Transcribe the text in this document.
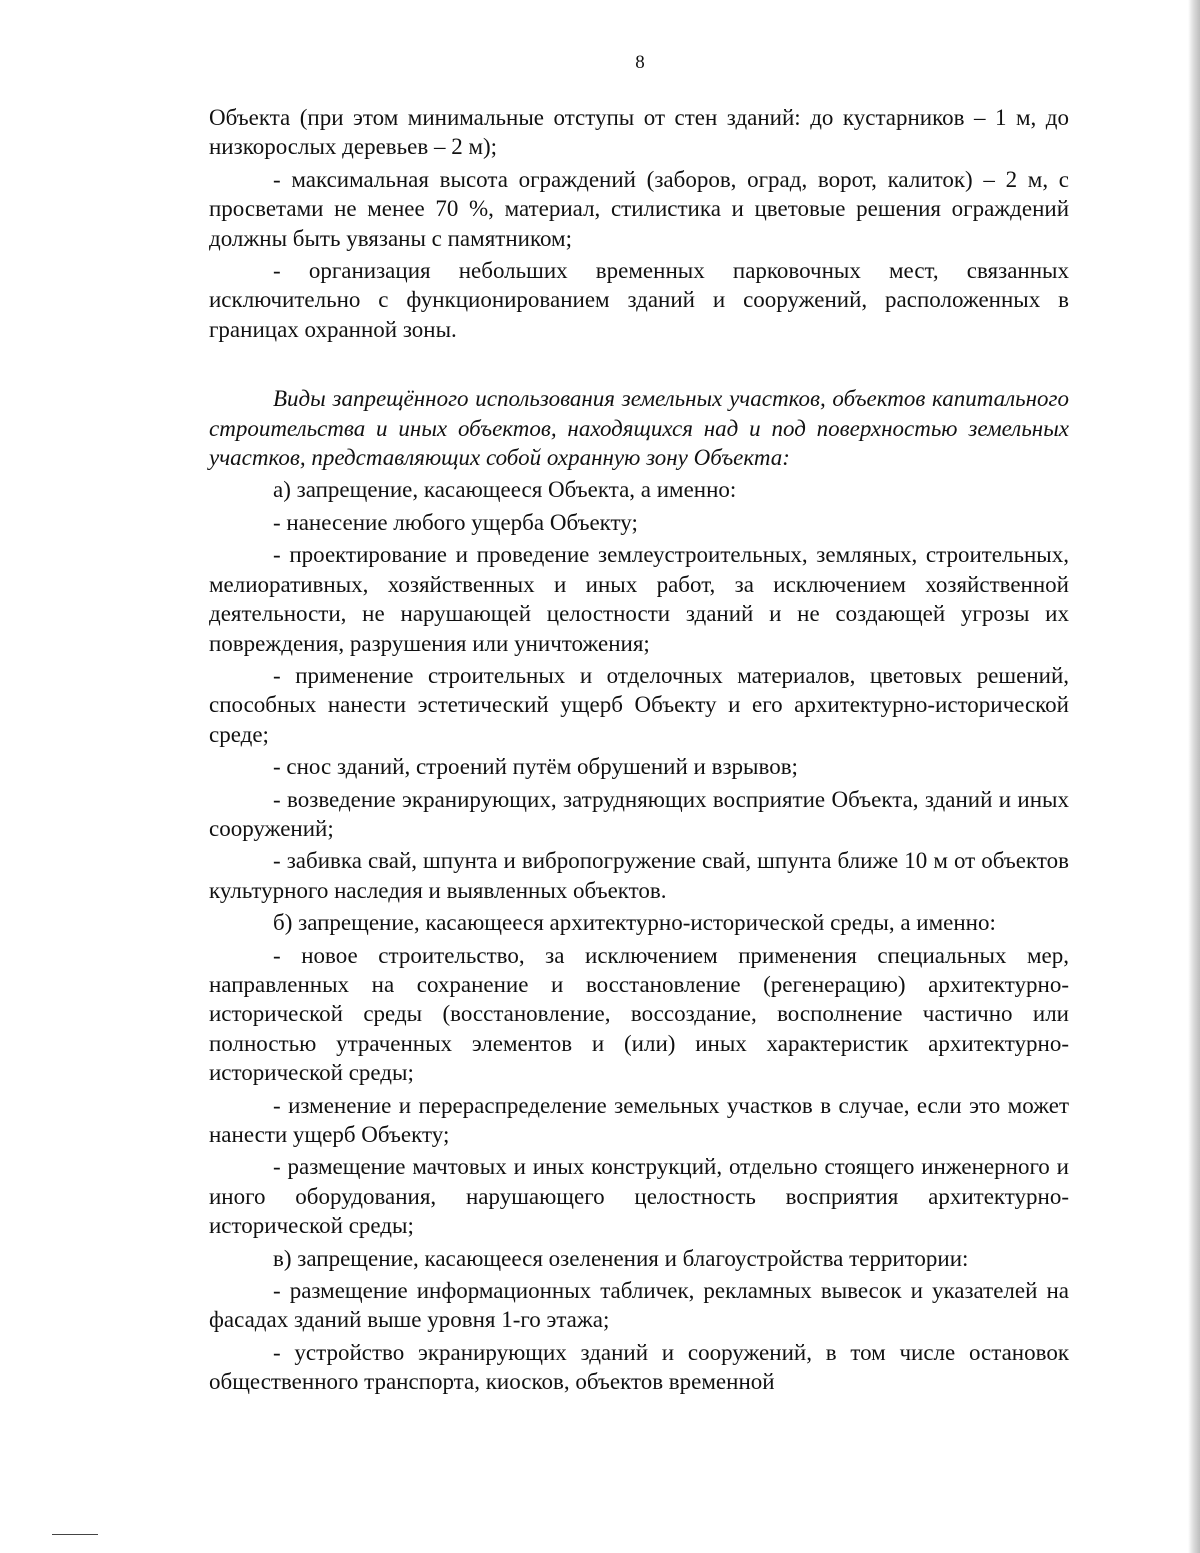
8

Объекта (при этом минимальные отступы от стен зданий: до кустарников – 1 м, до низкорослых деревьев – 2 м);

- максимальная высота ограждений (заборов, оград, ворот, калиток) – 2 м, с просветами не менее 70 %, материал, стилистика и цветовые решения ограждений должны быть увязаны с памятником;

- организация небольших временных парковочных мест, связанных исключительно с функционированием зданий и сооружений, расположенных в границах охранной зоны.

Виды запрещённого использования земельных участков, объектов капитального строительства и иных объектов, находящихся над и под поверхностью земельных участков, представляющих собой охранную зону Объекта:

а) запрещение, касающееся Объекта, а именно:

- нанесение любого ущерба Объекту;

- проектирование и проведение землеустроительных, земляных, строительных, мелиоративных, хозяйственных и иных работ, за исключением хозяйственной деятельности, не нарушающей целостности зданий и не создающей угрозы их повреждения, разрушения или уничтожения;

- применение строительных и отделочных материалов, цветовых решений, способных нанести эстетический ущерб Объекту и его архитектурно-исторической среде;

- снос зданий, строений путём обрушений и взрывов;

- возведение экранирующих, затрудняющих восприятие Объекта, зданий и иных сооружений;

- забивка свай, шпунта и вибропогружение свай, шпунта ближе 10 м от объектов культурного наследия и выявленных объектов.

б) запрещение, касающееся архитектурно-исторической среды, а именно:

- новое строительство, за исключением применения специальных мер, направленных на сохранение и восстановление (регенерацию) архитектурно-исторической среды (восстановление, воссоздание, восполнение частично или полностью утраченных элементов и (или) иных характеристик архитектурно-исторической среды;

- изменение и перераспределение земельных участков в случае, если это может нанести ущерб Объекту;

- размещение мачтовых и иных конструкций, отдельно стоящего инженерного и иного оборудования, нарушающего целостность восприятия архитектурно-исторической среды;

в) запрещение, касающееся озеленения и благоустройства территории:

- размещение информационных табличек, рекламных вывесок и указателей на фасадах зданий выше уровня 1-го этажа;

- устройство экранирующих зданий и сооружений, в том числе остановок общественного транспорта, киосков, объектов временной
